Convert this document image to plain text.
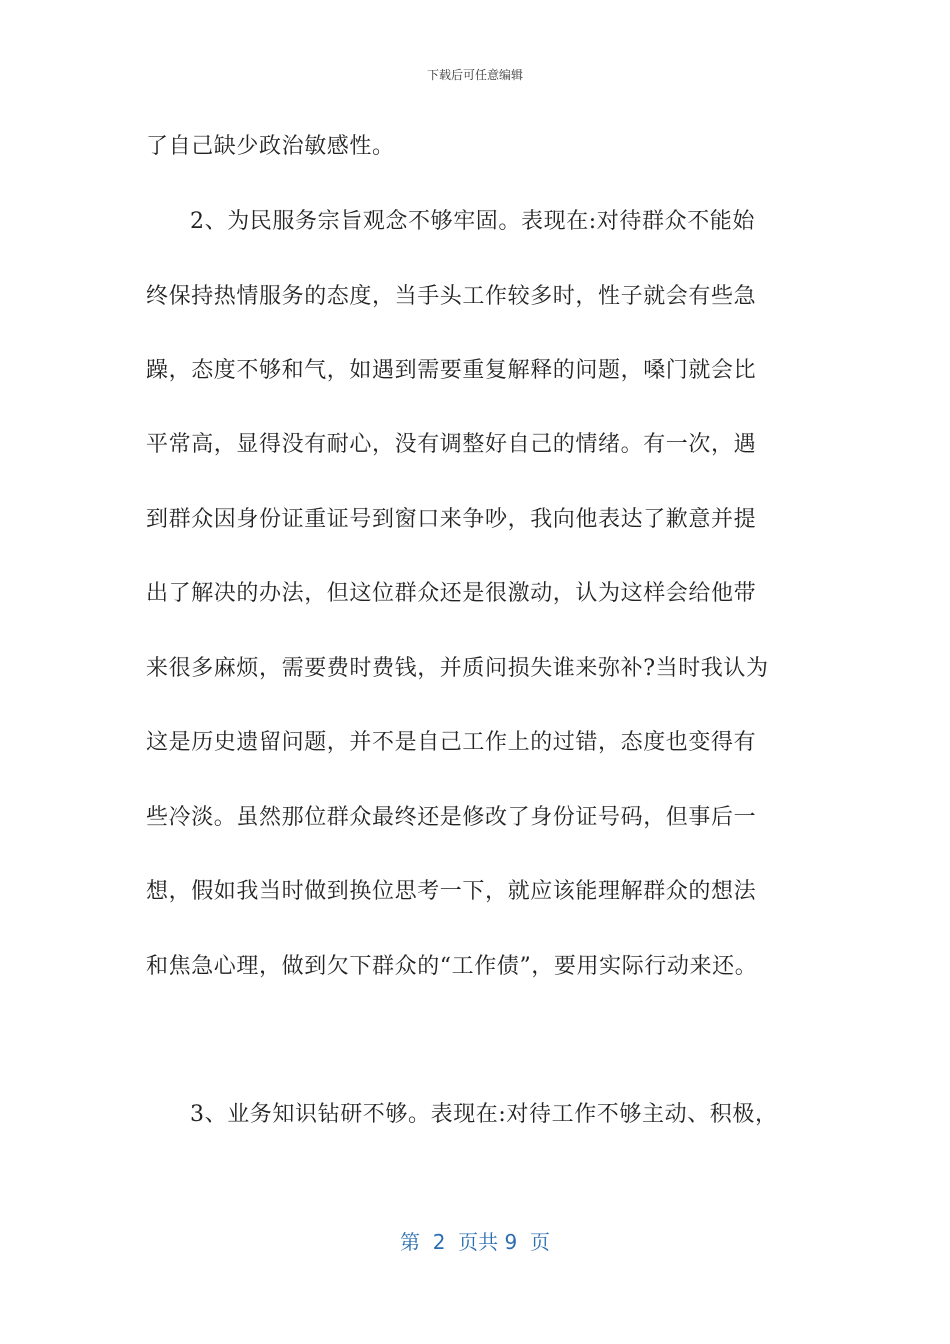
下载后可任意编辑
了自己缺少政治敏感性。
2、为民服务宗旨观念不够牢固。表现在:对待群众不能始
终保持热情服务的态度，当手头工作较多时，性子就会有些急
躁，态度不够和气，如遇到需要重复解释的问题，嗓门就会比
平常高，显得没有耐心，没有调整好自己的情绪。有一次，遇
到群众因身份证重证号到窗口来争吵，我向他表达了歉意并提
出了解决的办法，但这位群众还是很激动，认为这样会给他带
来很多麻烦，需要费时费钱，并质问损失谁来弥补?当时我认为
这是历史遗留问题，并不是自己工作上的过错，态度也变得有
些冷淡。虽然那位群众最终还是修改了身份证号码，但事后一
想，假如我当时做到换位思考一下，就应该能理解群众的想法
和焦急心理，做到欠下群众的“工作债”，要用实际行动来还。
3、业务知识钻研不够。表现在:对待工作不够主动、积极，
第  2  页共 9  页
